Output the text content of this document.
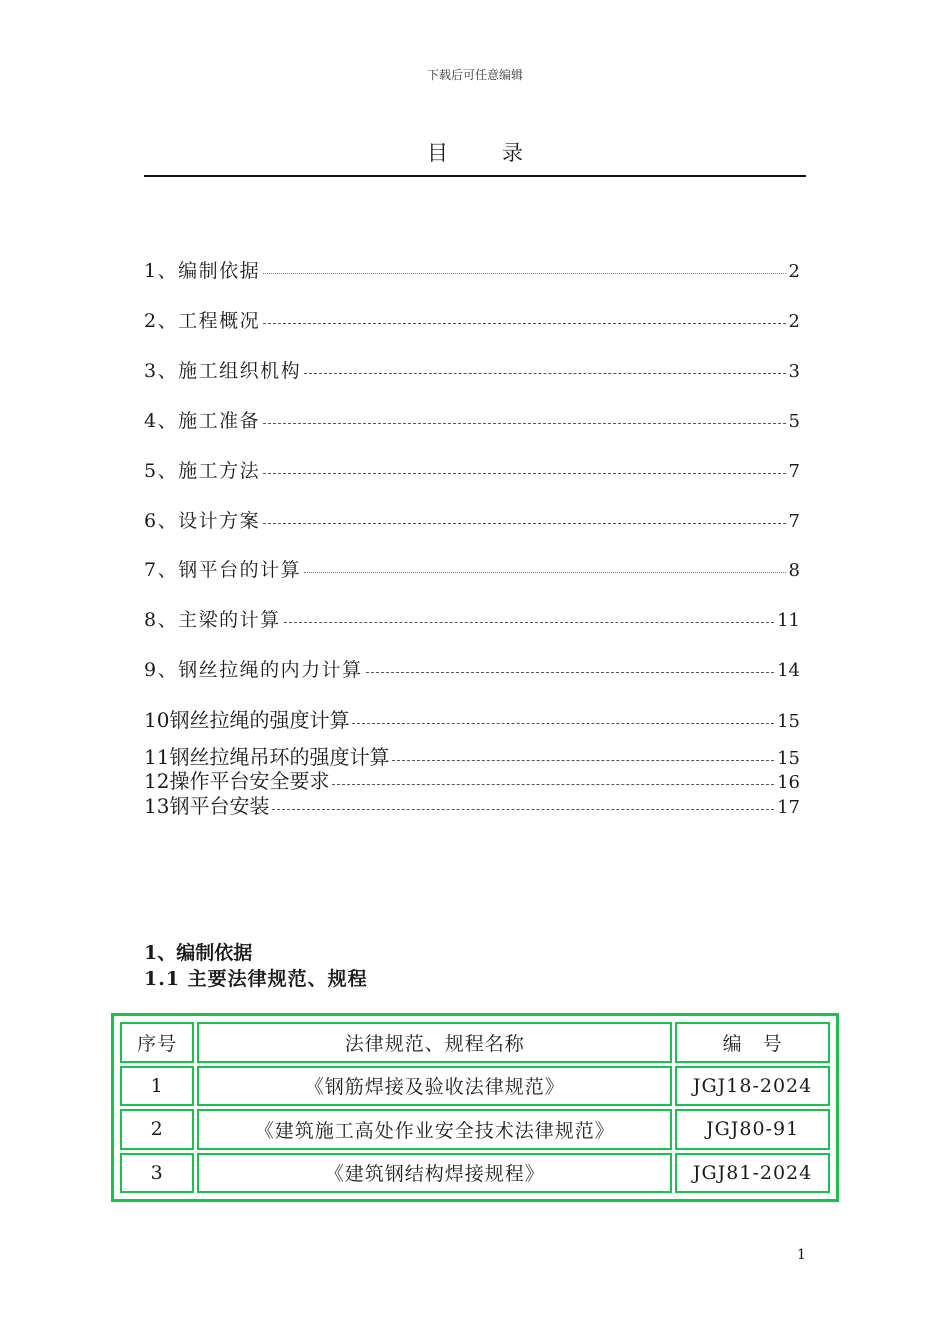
下载后可任意编辑
目录
1、编制依据	2
2、工程概况	2
3、施工组织机构	3
4、施工准备	5
5、施工方法	7
6、设计方案	7
7、钢平台的计算	8
8、主梁的计算	11
9、钢丝拉绳的内力计算	14
10钢丝拉绳的强度计算	15
11钢丝拉绳吊环的强度计算	15
12操作平台安全要求	16
13钢平台安装	17
1、编制依据
1.1 主要法律规范、规程
序号	法律规范、规程名称	编　号
1	《钢筋焊接及验收法律规范》	JGJ18-2024
2	《建筑施工高处作业安全技术法律规范》	JGJ80-91
3	《建筑钢结构焊接规程》	JGJ81-2024
1
